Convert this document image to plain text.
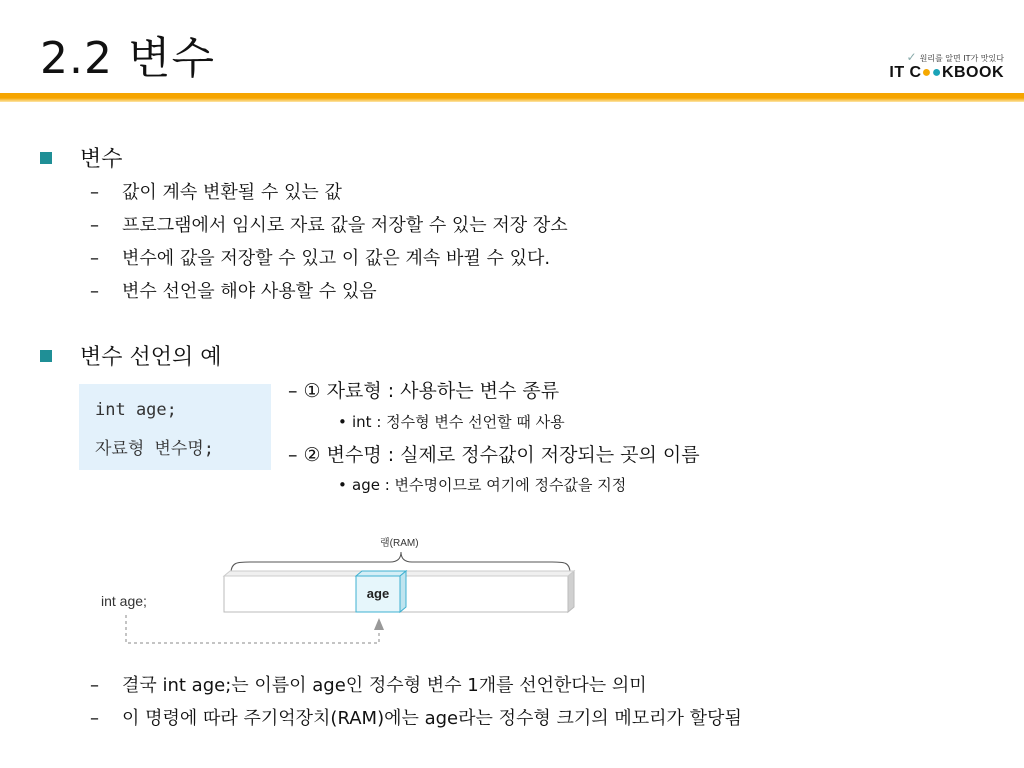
2.2 변수	✓ 원리를 알면 IT가 맛있다
IT C●●KBOOK
변수
– 값이 계속 변환될 수 있는 값
– 프로그램에서 임시로 자료 값을 저장할 수 있는 저장 장소
– 변수에 값을 저장할 수 있고 이 값은 계속 바뀔 수 있다.
– 변수 선언을 해야 사용할 수 있음
변수 선언의 예
int age;
자료형 변수명;
– ① 자료형 : 사용하는 변수 종류
• int : 정수형 변수 선언할 때 사용
– ② 변수명 : 실제로 정수값이 저장되는 곳의 이름
• age : 변수명이므로 여기에 정수값을 지정
램(RAM)
int age;	age
– 결국 int age;는 이름이 age인 정수형 변수 1개를 선언한다는 의미
– 이 명령에 따라 주기억장치(RAM)에는 age라는 정수형 크기의 메모리가 할당됨
